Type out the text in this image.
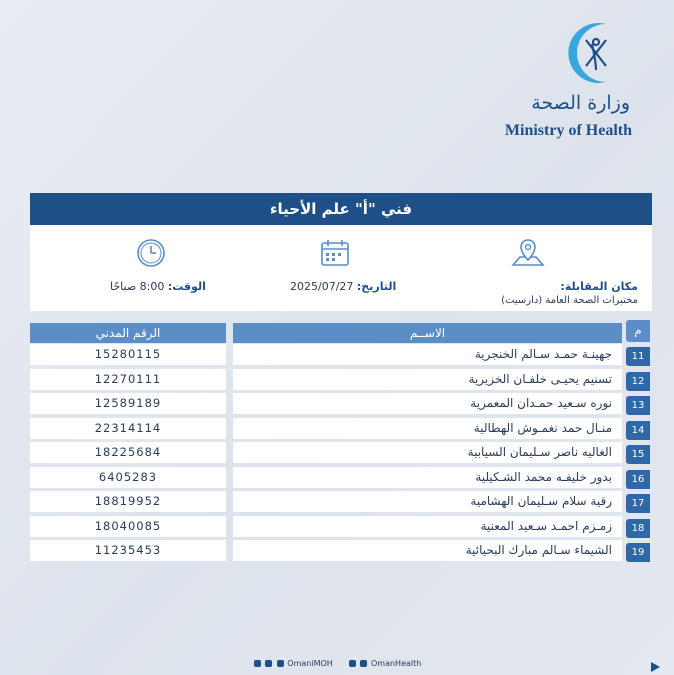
وزارة الصحة
Ministry of Health
فني "أ" علم الأحياء
مكان المقابلة:
مختبرات الصحة العامة (دارسيت)
التاريخ: 2025/07/27
الوقت: 8:00 صباحًا
الرقم المدني	الاســم	م
15280115	جهينـة حمـد سـالم الخنجرية	11
12270111	تسنيم يحيـى خلفـان الخزيرية	12
12589189	نوره سـعيد حمـدان المعمرية	13
22314114	منـال حمد نغمـوش الهطالية	14
18225684	الغاليه ناصر سـليمان السيابية	15
6405283	بدور خليفـه محمد الشـكيلية	16
18819952	رقية سلام سـليمان الهشامية	17
18040085	زمـزم احمـد سـعيد المعنية	18
11235453	الشيماء سـالم مبارك البحيائية	19
OmaniMOH	OmanHealth
